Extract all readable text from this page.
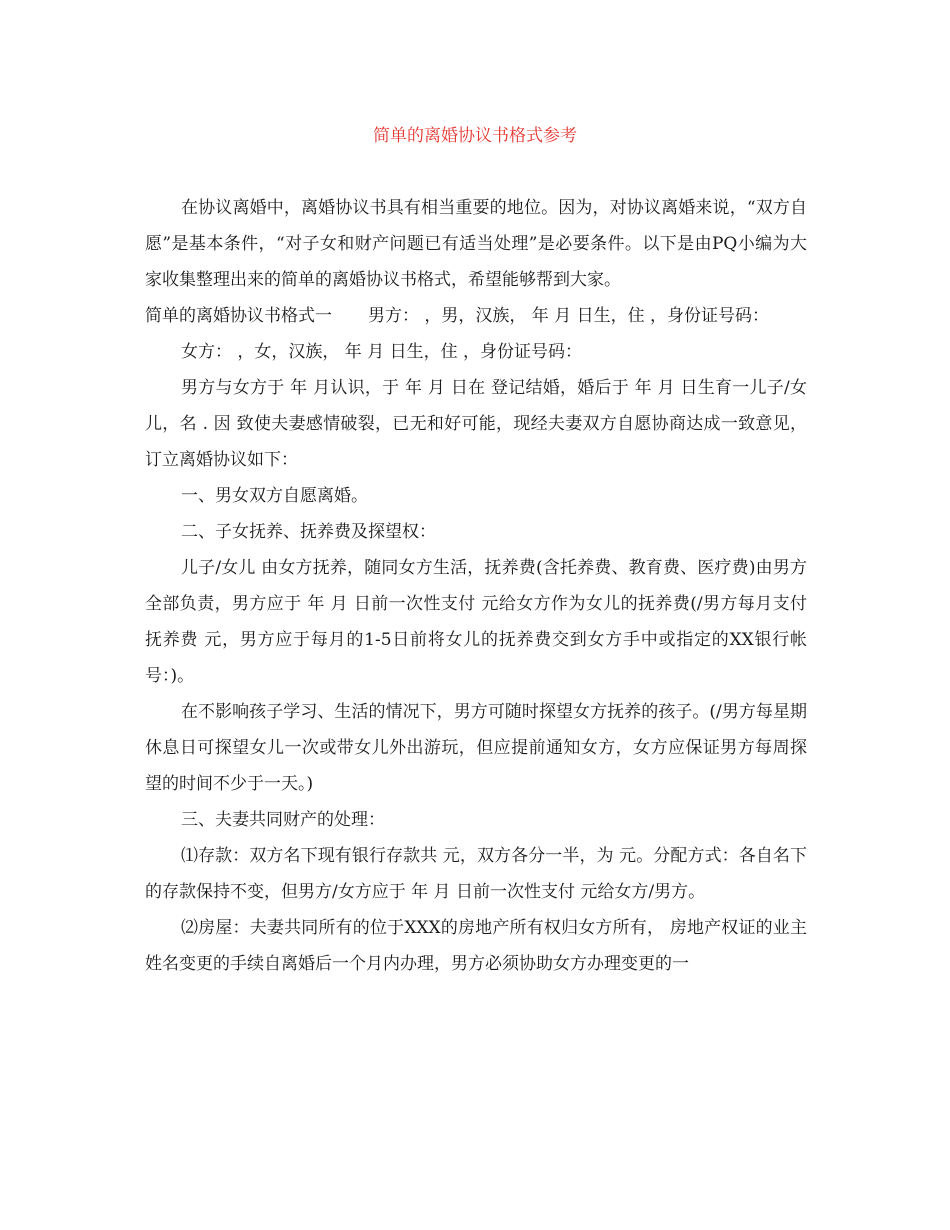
简单的离婚协议书格式参考

在协议离婚中，离婚协议书具有相当重要的地位。因为，对协议离婚来说，“双方自愿”是基本条件，“对子女和财产问题已有适当处理”是必要条件。以下是由PQ小编为大家收集整理出来的简单的离婚协议书格式，希望能够帮到大家。

简单的离婚协议书格式一 男方： ，男，汉族， 年 月 日生，住 ，身份证号码：

女方： ，女，汉族， 年 月 日生，住 ，身份证号码：

男方与女方于 年 月认识，于 年 月 日在 登记结婚，婚后于 年 月 日生育一儿子/女儿，名 . 因 致使夫妻感情破裂，已无和好可能，现经夫妻双方自愿协商达成一致意见，订立离婚协议如下：

一、男女双方自愿离婚。

二、子女抚养、抚养费及探望权：

儿子/女儿 由女方抚养，随同女方生活，抚养费(含托养费、教育费、医疗费)由男方全部负责，男方应于 年 月 日前一次性支付 元给女方作为女儿的抚养费(/男方每月支付抚养费 元，男方应于每月的1-5日前将女儿的抚养费交到女方手中或指定的XX银行帐号：)。

在不影响孩子学习、生活的情况下，男方可随时探望女方抚养的孩子。(/男方每星期休息日可探望女儿一次或带女儿外出游玩，但应提前通知女方，女方应保证男方每周探望的时间不少于一天。)

三、夫妻共同财产的处理：

⑴存款：双方名下现有银行存款共 元，双方各分一半，为 元。分配方式：各自名下的存款保持不变，但男方/女方应于 年 月 日前一次性支付 元给女方/男方。

⑵房屋：夫妻共同所有的位于XXX的房地产所有权归女方所有， 房地产权证的业主姓名变更的手续自离婚后一个月内办理，男方必须协助女方办理变更的一
